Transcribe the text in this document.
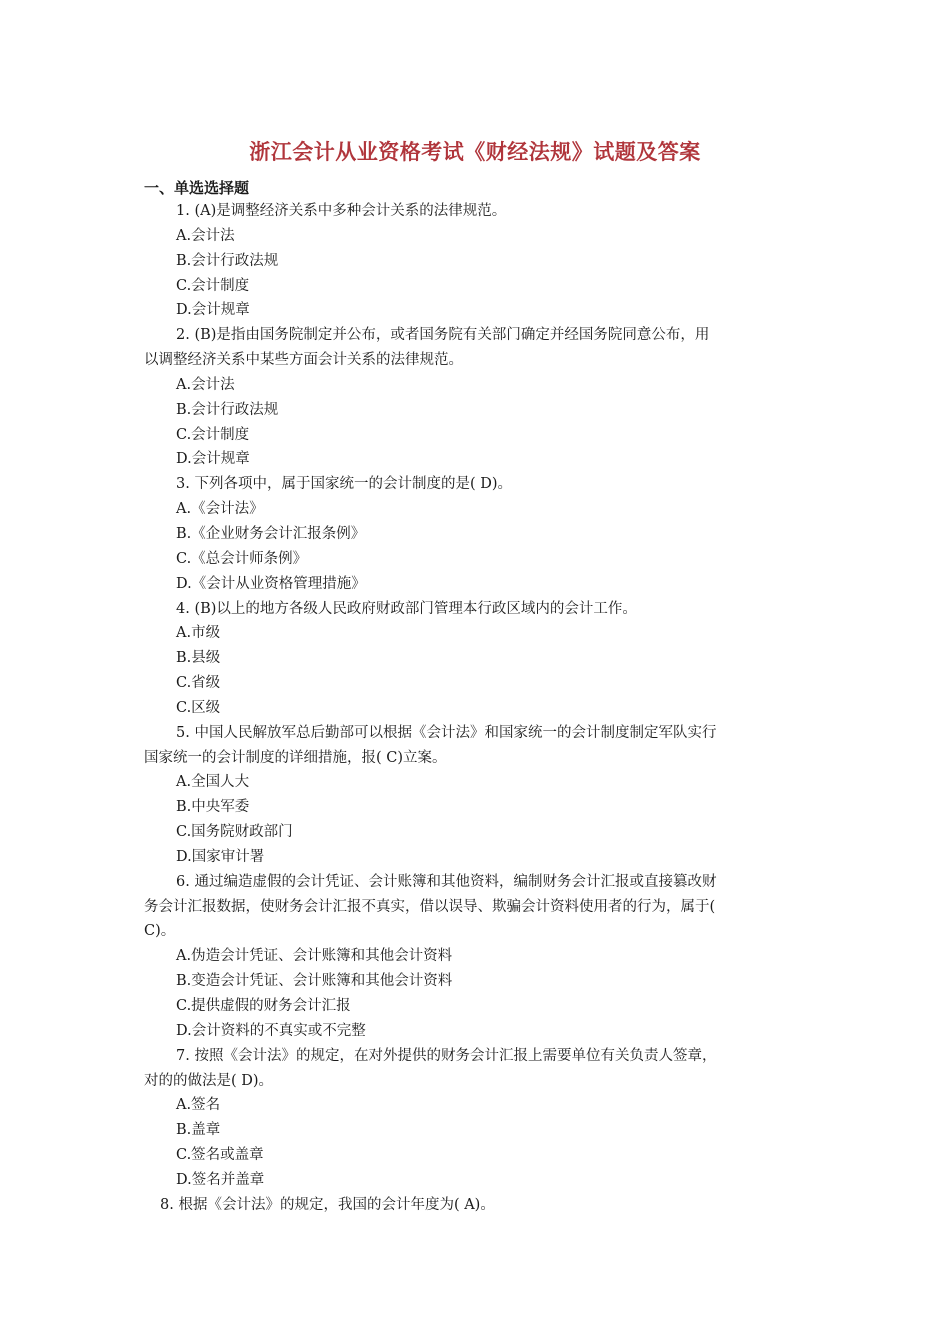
浙江会计从业资格考试《财经法规》试题及答案
一、单选选择题
1. (A)是调整经济关系中多种会计关系的法律规范。
A.会计法
B.会计行政法规
C.会计制度
D.会计规章
2. (B)是指由国务院制定并公布，或者国务院有关部门确定并经国务院同意公布，用
以调整经济关系中某些方面会计关系的法律规范。
A.会计法
B.会计行政法规
C.会计制度
D.会计规章
3. 下列各项中，属于国家统一的会计制度的是( D)。
A.《会计法》
B.《企业财务会计汇报条例》
C.《总会计师条例》
D.《会计从业资格管理措施》
4. (B)以上的地方各级人民政府财政部门管理本行政区域内的会计工作。
A.市级
B.县级
C.省级
C.区级
5. 中国人民解放军总后勤部可以根据《会计法》和国家统一的会计制度制定军队实行
国家统一的会计制度的详细措施，报( C)立案。
A.全国人大
B.中央军委
C.国务院财政部门
D.国家审计署
6. 通过编造虚假的会计凭证、会计账簿和其他资料，编制财务会计汇报或直接篡改财
务会计汇报数据，使财务会计汇报不真实，借以误导、欺骗会计资料使用者的行为，属于(
C)。
A.伪造会计凭证、会计账簿和其他会计资料
B.变造会计凭证、会计账簿和其他会计资料
C.提供虚假的财务会计汇报
D.会计资料的不真实或不完整
7. 按照《会计法》的规定，在对外提供的财务会计汇报上需要单位有关负责人签章，
对的的做法是( D)。
A.签名
B.盖章
C.签名或盖章
D.签名并盖章
8. 根据《会计法》的规定，我国的会计年度为( A)。
